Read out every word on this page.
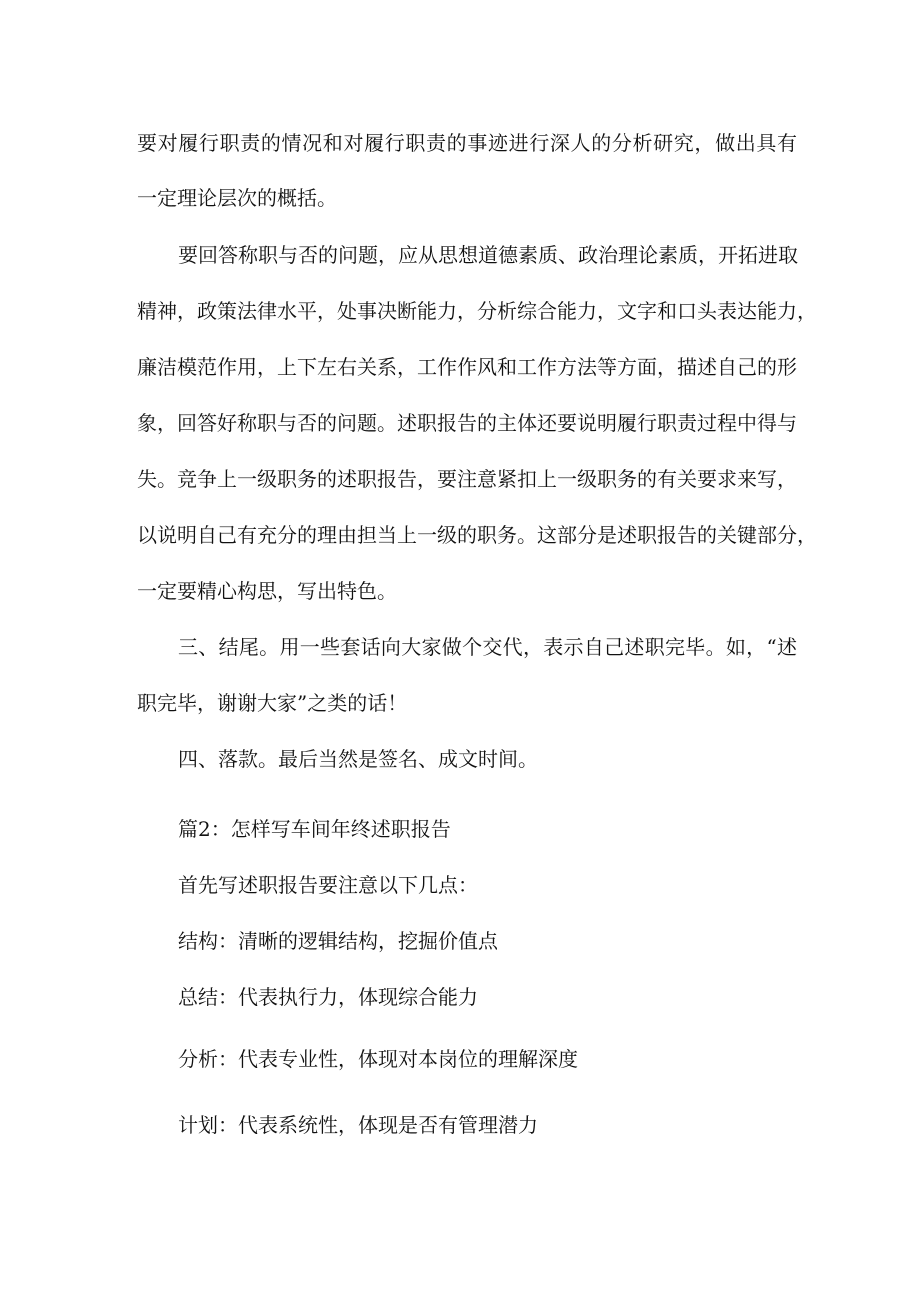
要对履行职责的情况和对履行职责的事迹进行深人的分析研究，做出具有

一定理论层次的概括。

要回答称职与否的问题，应从思想道德素质、政治理论素质，开拓进取

精神，政策法律水平，处事决断能力，分析综合能力，文字和口头表达能力，

廉洁模范作用，上下左右关系，工作作风和工作方法等方面，描述自己的形

象，回答好称职与否的问题。述职报告的主体还要说明履行职责过程中得与

失。竞争上一级职务的述职报告，要注意紧扣上一级职务的有关要求来写，

以说明自己有充分的理由担当上一级的职务。这部分是述职报告的关键部分，

一定要精心构思，写出特色。

三、结尾。用一些套话向大家做个交代，表示自己述职完毕。如，“述

职完毕，谢谢大家”之类的话！

四、落款。最后当然是签名、成文时间。

篇2：怎样写车间年终述职报告

首先写述职报告要注意以下几点：

结构：清晰的逻辑结构，挖掘价值点

总结：代表执行力，体现综合能力

分析：代表专业性，体现对本岗位的理解深度

计划：代表系统性，体现是否有管理潜力
